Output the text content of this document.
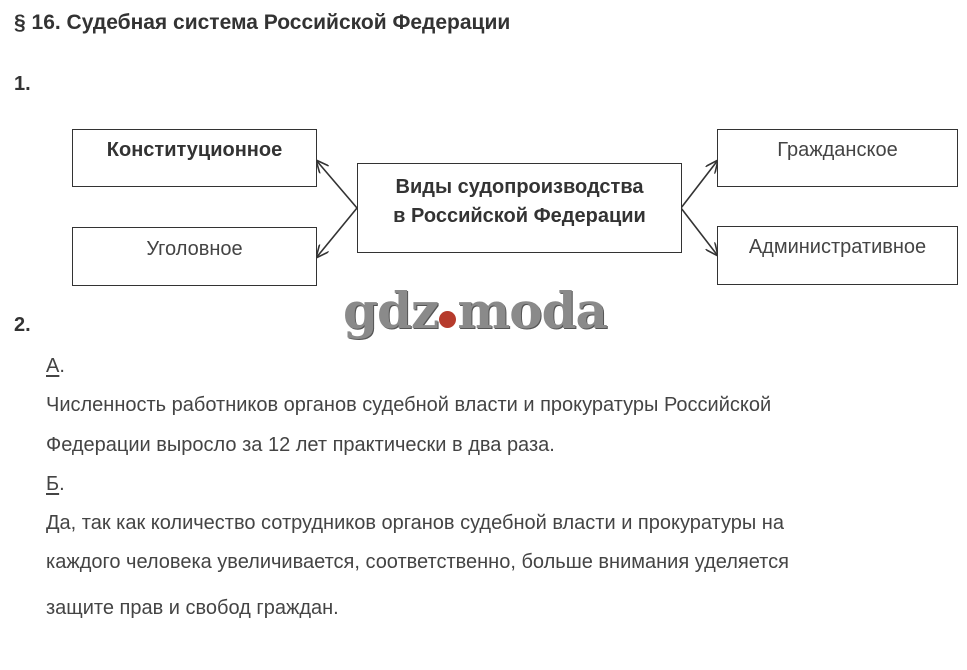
§ 16. Судебная система Российской Федерации
1.
Конституционное
Уголовное
Виды судопроизводства
в Российской Федерации
Гражданское
Административное
2.	gdz moda
А.
Численность работников органов судебной власти и прокуратуры Российской
Федерации выросло за 12 лет практически в два раза.
Б.
Да, так как количество сотрудников органов судебной власти и прокуратуры на
каждого человека увеличивается, соответственно, больше внимания уделяется
защите прав и свобод граждан.
